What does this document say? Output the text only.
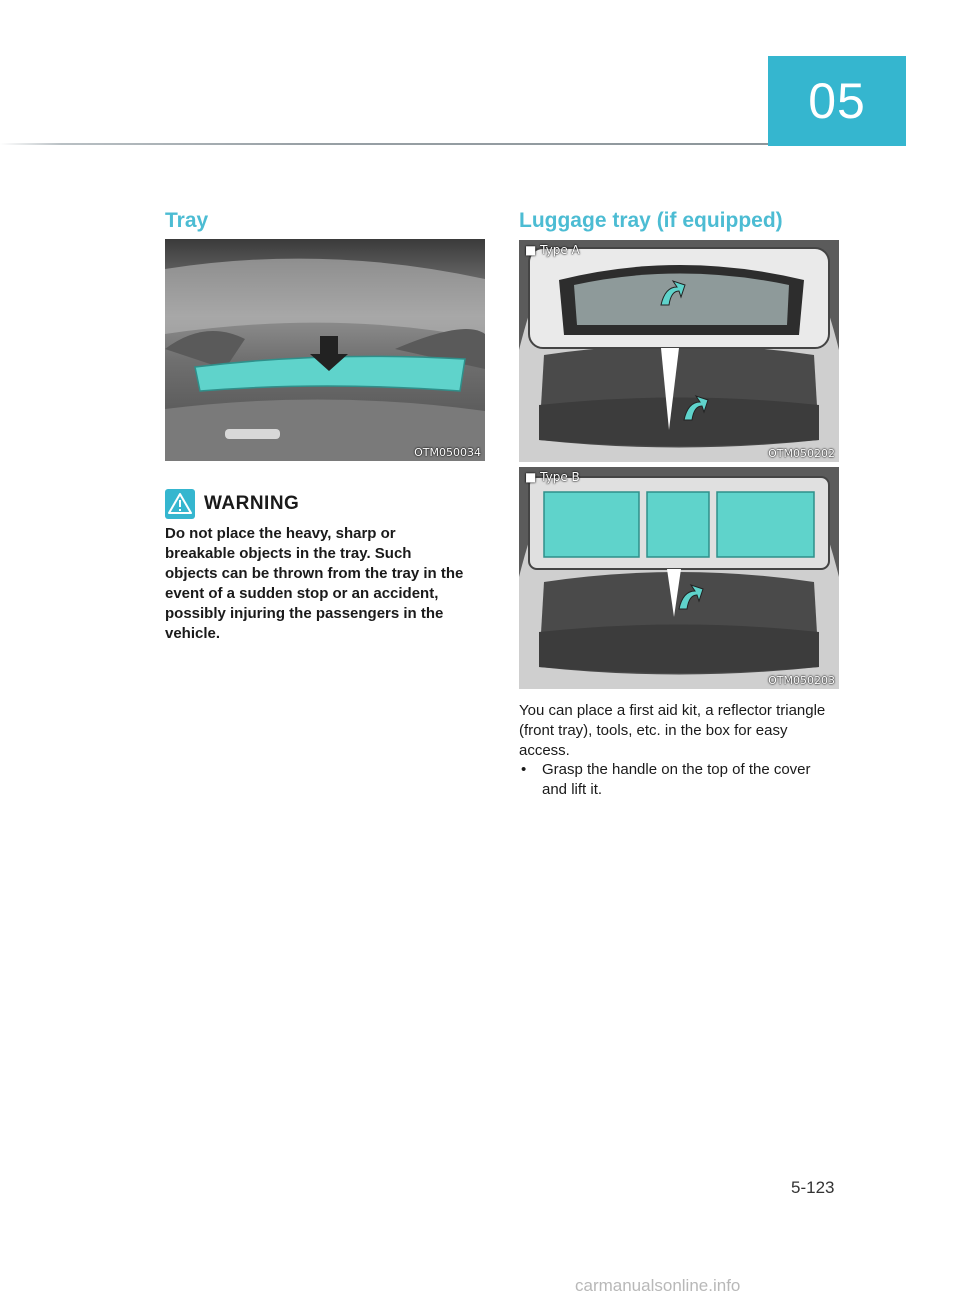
05
Tray
OTM050034
WARNING
Do not place the heavy, sharp or breakable objects in the tray. Such objects can be thrown from the tray in the event of a sudden stop or an accident, possibly injuring the passengers in the vehicle.
Luggage tray (if equipped)
■ Type A
OTM050202
■ Type B
OTM050203
You can place a first aid kit, a reflector triangle (front tray), tools, etc. in the box for easy access.
•	Grasp the handle on the top of the cover and lift it.
5-123
carmanualsonline.info
